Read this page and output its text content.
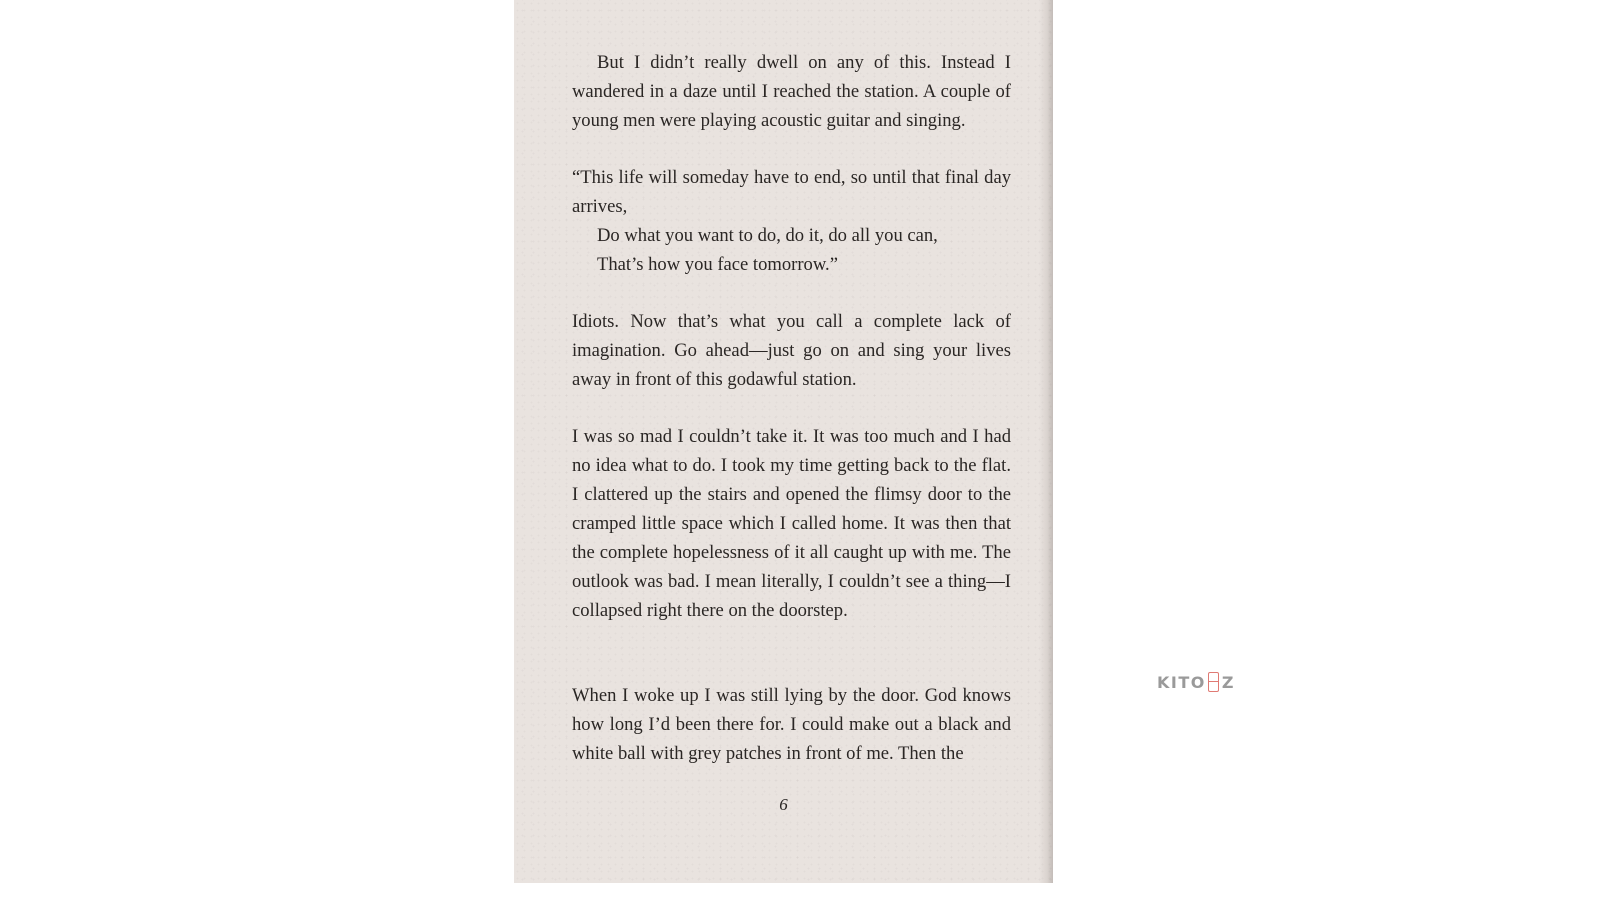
But I didn’t really dwell on any of this. Instead I wandered in a daze until I reached the station. A couple of young men were playing acoustic guitar and singing.

“This life will someday have to end, so until that final day arrives,

Do what you want to do, do it, do all you can,
That’s how you face tomorrow.”

Idiots. Now that’s what you call a complete lack of imagination. Go ahead—just go on and sing your lives away in front of this godawful station.

I was so mad I couldn’t take it. It was too much and I had no idea what to do. I took my time getting back to the flat. I clattered up the stairs and opened the flimsy door to the cramped little space which I called home. It was then that the complete hopelessness of it all caught up with me. The outlook was bad. I mean literally, I couldn’t see a thing—I collapsed right there on the doorstep.

When I woke up I was still lying by the door. God knows how long I’d been there for. I could make out a black and white ball with grey patches in front of me. Then the

6
KITO Z
